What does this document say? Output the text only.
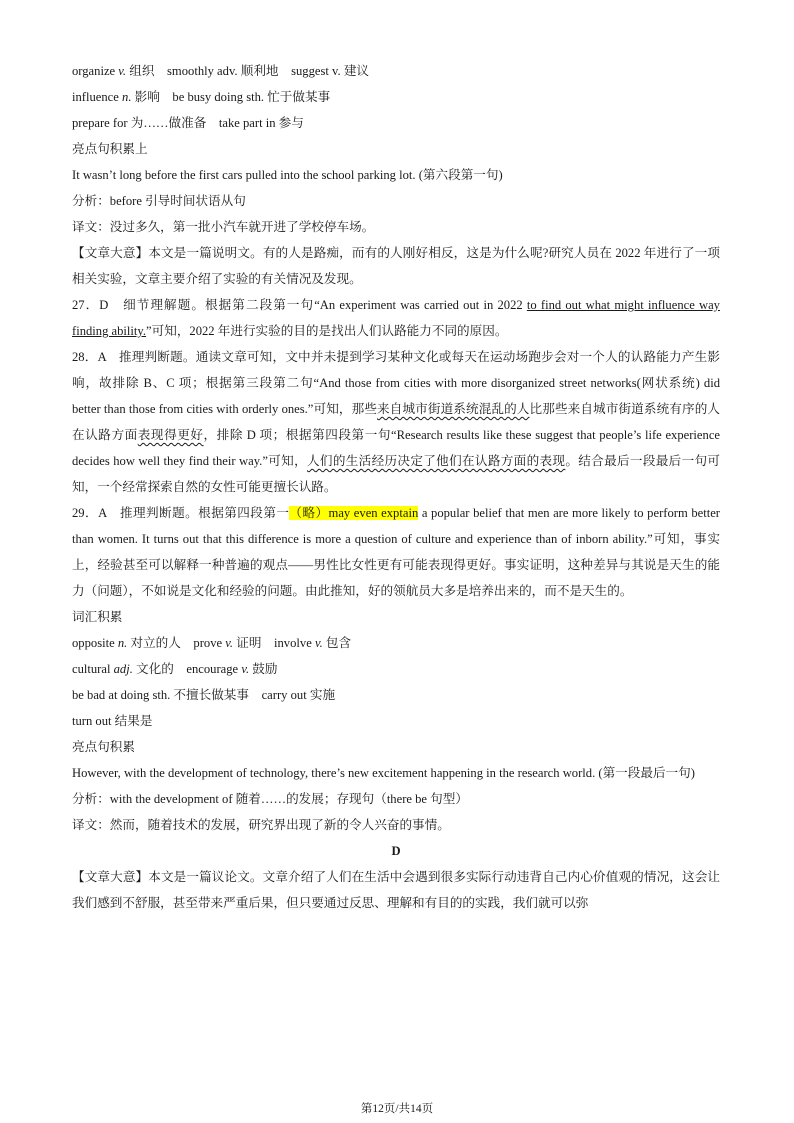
organize v. 组织 smoothly adv. 顺利地 suggest v. 建议
influence n. 影响 be busy doing sth. 忙于做某事
prepare for 为……做准备 take part in 参与
亮点句积累上
It wasn’t long before the first cars pulled into the school parking lot. (第六段第一句)
分析：before 引导时间状语从句
译文：没过多久，第一批小汽车就开进了学校停车场。
【文章大意】本文是一篇说明文。有的人是路痴，而有的人刚好相反，这是为什么呢?研究人员在 2022 年进行了一项相关实验，文章主要介绍了实验的有关情况及发现。
27．D　细节理解题。根据第二段第一句“An experiment was carried out in 2022 to find out what might influence way finding ability.”可知，2022 年进行实验的目的是找出人们认路能力不同的原因。
28．A　推理判断题。通读文章可知，文中并未提到学习某种文化或每天在运动场跑步会对一个人的认路能力产生影响，故排除 B、C 项；根据第三段第二句“And those from cities with more disorganized street networks(网状系统) did better than those from cities with orderly ones.”可知，那些来自城市街道系统混乱的人比那些来自城市街道系统有序的人在认路方面表现得更好，排除 D 项；根据第四段第一句“Research results like these suggest that people’s life experience decides how well they find their way.”可知，人们的生活经历决定了他们在认路方面的表现。结合最后一段最后一句可知，一个经常探索自然的女性可能更擅长认路。
29．A　推理判断题。根据第四段第一（略）may even exptain a popular belief that men are more likely to perform better than women. It turns out that this difference is more a question of culture and experience than of inborn ability.”可知，事实上，经验甚至可以解释一种普遍的观点——男性比女性更有可能表现得更好。事实证明，这种差异与其说是天生的能力（问题），不如说是文化和经验的问题。由此推知，好的领航员大多是培养出来的，而不是天生的。
词汇积累
opposite n. 对立的人 prove v. 证明 involve v. 包含
cultural adj. 文化的 encourage v. 鼓励
be bad at doing sth. 不擅长做某事 carry out 实施
turn out 结果是
亮点句积累
However, with the development of technology, there’s new excitement happening in the research world. (第一段最后一句)
分析：with the development of 随着……的发展；存现句（there be 句型）
译文：然而，随着技术的发展，研究界出现了新的令人兴奋的事情。
D
【文章大意】本文是一篇议论文。文章介绍了人们在生活中会遇到很多实际行动违背自己内心价值观的情况，这会让我们感到不舒服，甚至带来严重后果，但只要通过反思、理解和有目的的实践，我们就可以弥
第12页/共14页
